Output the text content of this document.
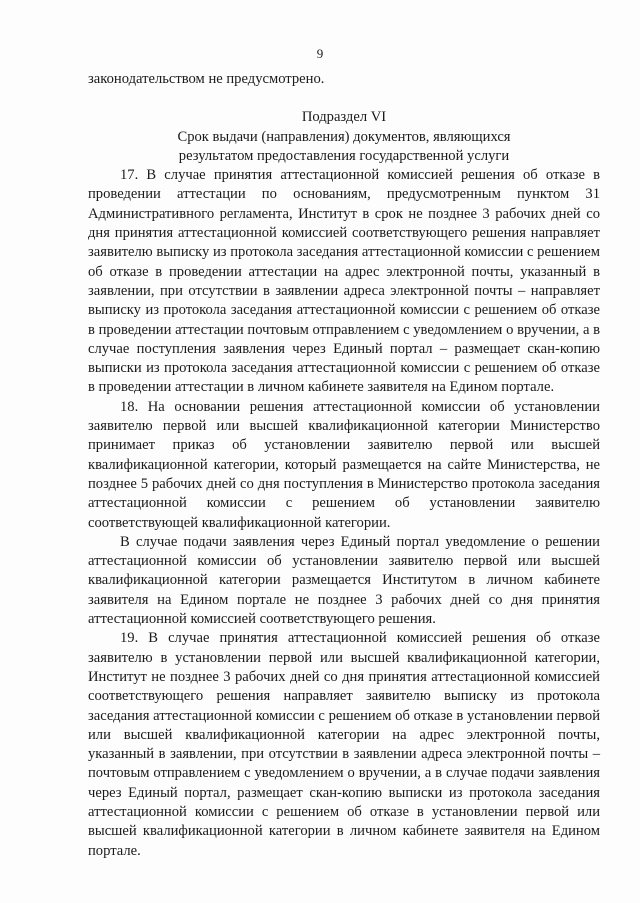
9

законодательством не предусмотрено.

Подраздел VI
Срок выдачи (направления) документов, являющихся
результатом предоставления государственной услуги

17. В случае принятия аттестационной комиссией решения об отказе в проведении аттестации по основаниям, предусмотренным пунктом 31 Административного регламента, Институт в срок не позднее 3 рабочих дней со дня принятия аттестационной комиссией соответствующего решения направляет заявителю выписку из протокола заседания аттестационной комиссии с решением об отказе в проведении аттестации на адрес электронной почты, указанный в заявлении, при отсутствии в заявлении адреса электронной почты – направляет выписку из протокола заседания аттестационной комиссии с решением об отказе в проведении аттестации почтовым отправлением с уведомлением о вручении, а в случае поступления заявления через Единый портал – размещает скан-копию выписки из протокола заседания аттестационной комиссии с решением об отказе в проведении аттестации в личном кабинете заявителя на Едином портале.

18. На основании решения аттестационной комиссии об установлении заявителю первой или высшей квалификационной категории Министерство принимает приказ об установлении заявителю первой или высшей квалификационной категории, который размещается на сайте Министерства, не позднее 5 рабочих дней со дня поступления в Министерство протокола заседания аттестационной комиссии с решением об установлении заявителю соответствующей квалификационной категории.

В случае подачи заявления через Единый портал уведомление о решении аттестационной комиссии об установлении заявителю первой или высшей квалификационной категории размещается Институтом в личном кабинете заявителя на Едином портале не позднее 3 рабочих дней со дня принятия аттестационной комиссией соответствующего решения.

19. В случае принятия аттестационной комиссией решения об отказе заявителю в установлении первой или высшей квалификационной категории, Институт не позднее 3 рабочих дней со дня принятия аттестационной комиссией соответствующего решения направляет заявителю выписку из протокола заседания аттестационной комиссии с решением об отказе в установлении первой или высшей квалификационной категории на адрес электронной почты, указанный в заявлении, при отсутствии в заявлении адреса электронной почты – почтовым отправлением с уведомлением о вручении, а в случае подачи заявления через Единый портал, размещает скан-копию выписки из протокола заседания аттестационной комиссии с решением об отказе в установлении первой или высшей квалификационной категории в личном кабинете заявителя на Едином портале.
